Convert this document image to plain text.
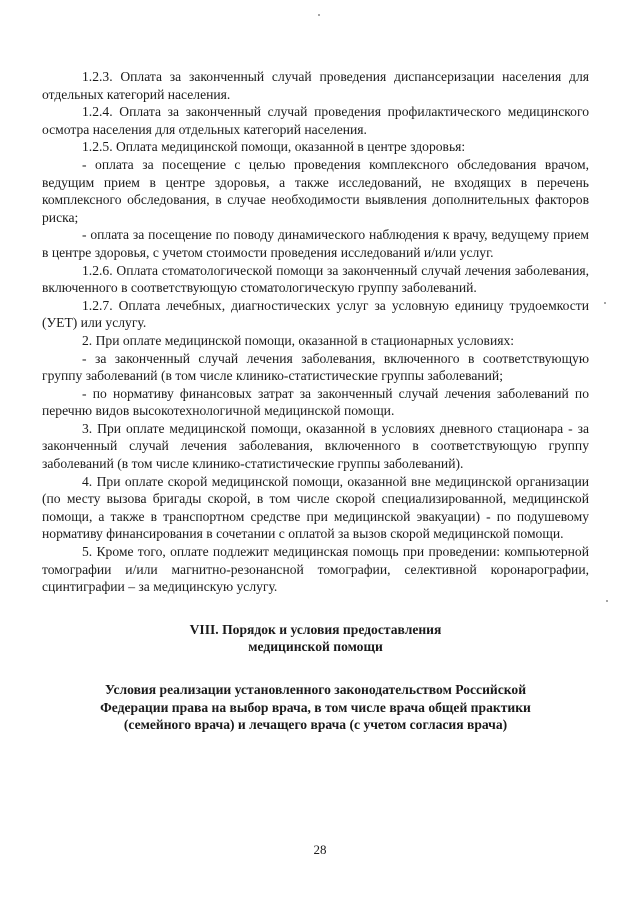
1.2.3. Оплата за законченный случай проведения диспансеризации населения для отдельных категорий населения.

1.2.4. Оплата за законченный случай проведения профилактического медицинского осмотра населения для отдельных категорий населения.

1.2.5. Оплата медицинской помощи, оказанной в центре здоровья:

- оплата за посещение с целью проведения комплексного обследования врачом, ведущим прием в центре здоровья, а также исследований, не входящих в перечень комплексного обследования, в случае необходимости выявления дополнительных факторов риска;

- оплата за посещение по поводу динамического наблюдения к врачу, ведущему прием в центре здоровья, с учетом стоимости проведения исследований и/или услуг.

1.2.6. Оплата стоматологической помощи за законченный случай лечения заболевания, включенного в соответствующую стоматологическую группу заболеваний.

1.2.7. Оплата лечебных, диагностических услуг за условную единицу трудоемкости (УЕТ) или услугу.

2. При оплате медицинской помощи, оказанной в стационарных условиях:

- за законченный случай лечения заболевания, включенного в соответствующую группу заболеваний (в том числе клинико-статистические группы заболеваний;

- по нормативу финансовых затрат за законченный случай лечения заболеваний по перечню видов высокотехнологичной медицинской помощи.

3. При оплате медицинской помощи, оказанной в условиях дневного стационара - за законченный случай лечения заболевания, включенного в соответствующую группу заболеваний (в том числе клинико-статистические группы заболеваний).

4. При оплате скорой медицинской помощи, оказанной вне медицинской организации (по месту вызова бригады скорой, в том числе скорой специализированной, медицинской помощи, а также в транспортном средстве при медицинской эвакуации) - по подушевому нормативу финансирования в сочетании с оплатой за вызов скорой медицинской помощи.

5. Кроме того, оплате подлежит медицинская помощь при проведении: компьютерной томографии и/или магнитно-резонансной томографии, селективной коронарографии, сцинтиграфии – за медицинскую услугу.

VIII. Порядок и условия предоставления
медицинской помощи
Условия реализации установленного законодательством Российской
Федерации права на выбор врача, в том числе врача общей практики
(семейного врача) и лечащего врача (с учетом согласия врача)
28
